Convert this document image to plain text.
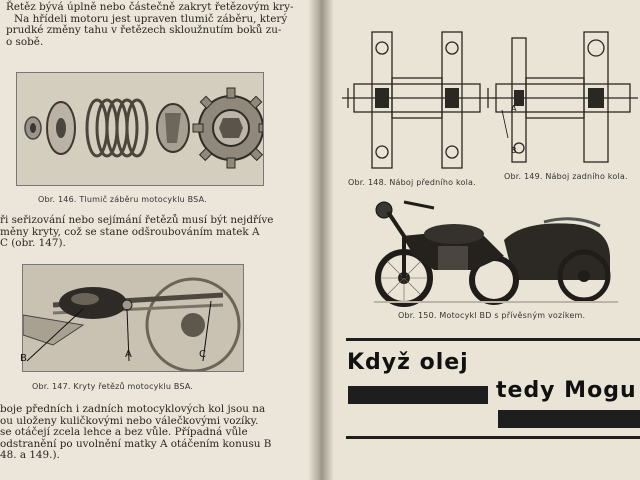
Řetěz bývá úplně nebo částečně zakryt řetězovým kry-
Na hřídeli motoru jest upraven tlumič záběru, který
prudké změny tahu v řetězech skloužnutím boků zu-
o sobě.
Obr. 146. Tlumič záběru motocyklu BSA.
ři seřizování nebo sejímání řetězů musí být nejdříve
měny kryty, což se stane odšroubováním matek A
C (obr. 147).
B	A	C
Obr. 147. Kryty řetězů motocyklu BSA.
boje předních i zadních motocyklových kol jsou na
ou uloženy kuličkovými nebo válečkovými vozíky.
se otáčejí zcela lehce a bez vůle. Případná vůle
odstranění po uvolnění matky A otáčením konusu B
48. a 149.).
Obr. 148. Náboj předního kola.
A
B
Obr. 149. Náboj zadního kola.
Obr. 150. Motocykl BD s přívěsným vozíkem.
Když olej
tedy Mogu
